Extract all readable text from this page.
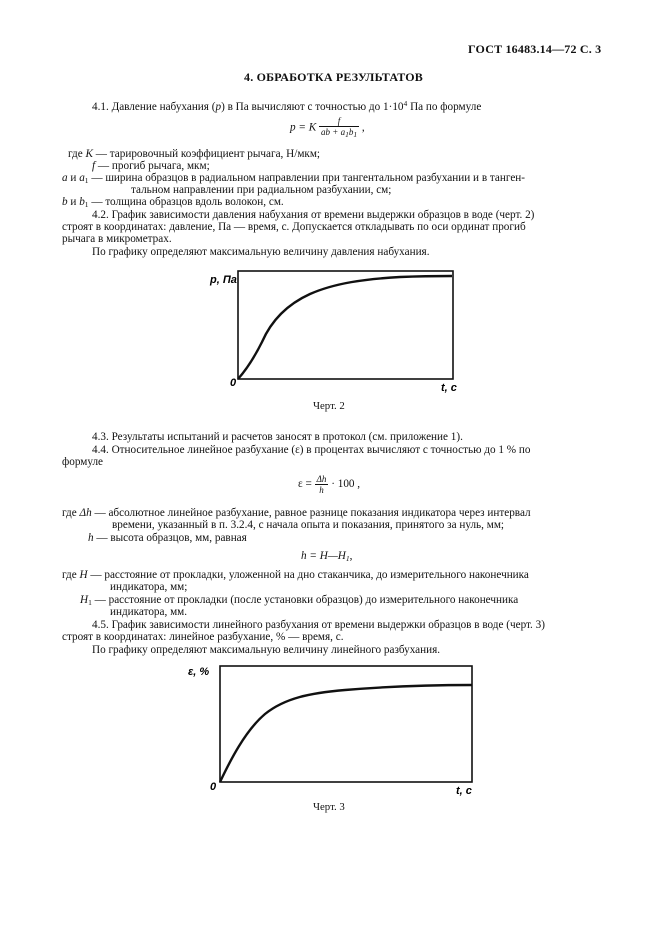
ГОСТ 16483.14—72 С. 3
4. ОБРАБОТКА РЕЗУЛЬТАТОВ
4.1. Давление набухания (p) в Па вычисляют с точностью до $1\cdot 10^4$ Па по формуле
p = K $\frac{f}{ab + a_1b_1}$ ,
где K — тарировочный коэффициент рычага, Н/мкм;
f — прогиб рычага, мкм;
a и $a_1$ — ширина образцов в радиальном направлении при тангентальном разбухании и в танген-
тальном направлении при радиальном разбухании, см;
b и $b_1$ — толщина образцов вдоль волокон, см.
4.2. График зависимости давления набухания от времени выдержки образцов в воде (черт. 2)
строят в координатах: давление, Па — время, с. Допускается откладывать по оси ординат прогиб
рычага в микрометрах.
По графику определяют максимальную величину давления набухания.
p, Па
t, c
0
Черт. 2
4.3. Результаты испытаний и расчетов заносят в протокол (см. приложение 1).
4.4. Относительное линейное разбухание (ε) в процентах вычисляют с точностью до 1 % по
формуле
$\varepsilon = \frac{\Delta h}{h} \cdot 100$ ,
где Δh — абсолютное линейное разбухание, равное разнице показания индикатора через интервал
времени, указанный в п. 3.2.4, с начала опыта и показания, принятого за нуль, мм;
h — высота образцов, мм, равная
$h = H—H_1$,
где H — расстояние от прокладки, уложенной на дно стаканчика, до измерительного наконечника
индикатора, мм;
$H_1$ — расстояние от прокладки (после установки образцов) до измерительного наконечника
индикатора, мм.
4.5. График зависимости линейного разбухания от времени выдержки образцов в воде (черт. 3)
строят в координатах: линейное разбухание, % — время, с.
По графику определяют максимальную величину линейного разбухания.
ε, %
t, c
0
Черт. 3
